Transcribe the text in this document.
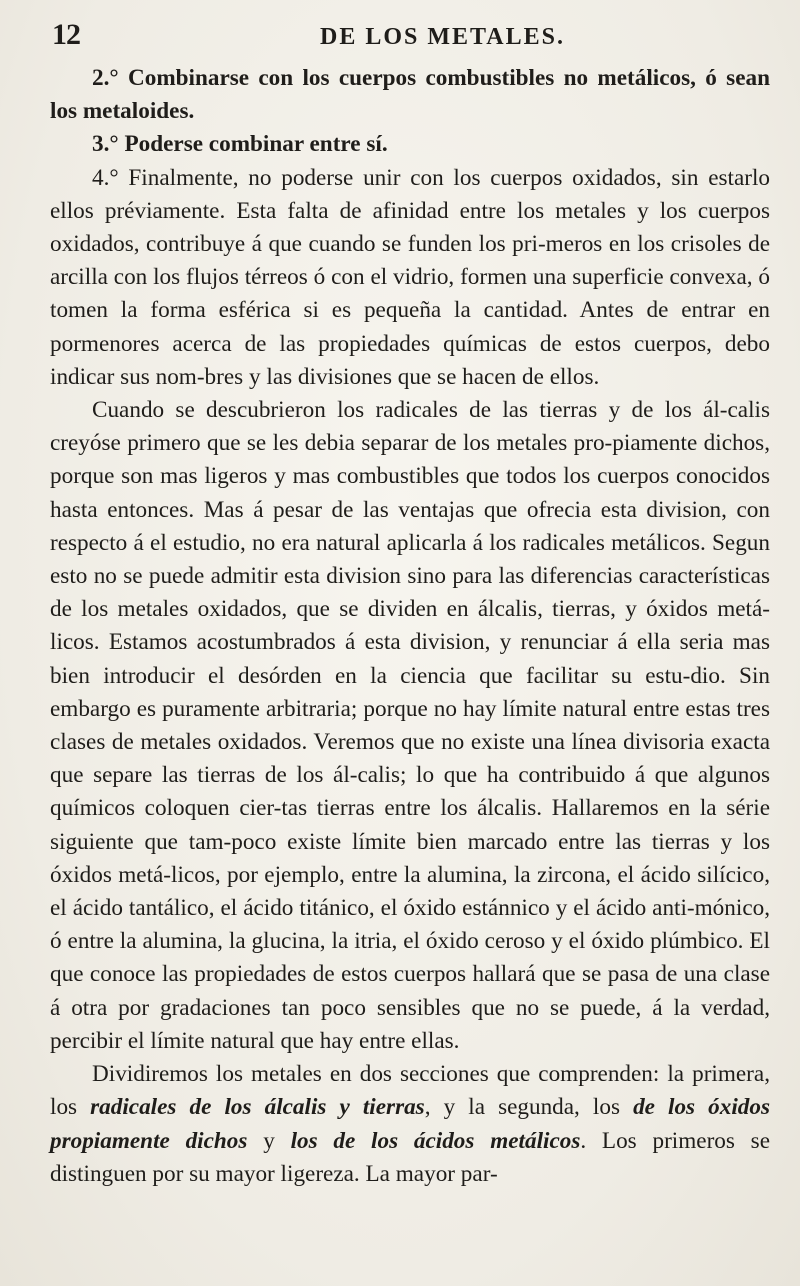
12	DE LOS METALES.

2.° Combinarse con los cuerpos combustibles no metálicos, ó sean los metaloides.

3.° Poderse combinar entre sí.

4.° Finalmente, no poderse unir con los cuerpos oxidados, sin estarlo ellos préviamente. Esta falta de afinidad entre los metales y los cuerpos oxidados, contribuye á que cuando se funden los pri-meros en los crisoles de arcilla con los flujos térreos ó con el vidrio, formen una superficie convexa, ó tomen la forma esférica si es pequeña la cantidad. Antes de entrar en pormenores acerca de las propiedades químicas de estos cuerpos, debo indicar sus nom-bres y las divisiones que se hacen de ellos.

Cuando se descubrieron los radicales de las tierras y de los ál-calis creyóse primero que se les debia separar de los metales pro-piamente dichos, porque son mas ligeros y mas combustibles que todos los cuerpos conocidos hasta entonces. Mas á pesar de las ventajas que ofrecia esta division, con respecto á el estudio, no era natural aplicarla á los radicales metálicos. Segun esto no se puede admitir esta division sino para las diferencias características de los metales oxidados, que se dividen en álcalis, tierras, y óxidos metá-licos. Estamos acostumbrados á esta division, y renunciar á ella seria mas bien introducir el desórden en la ciencia que facilitar su estu-dio. Sin embargo es puramente arbitraria; porque no hay límite natural entre estas tres clases de metales oxidados. Veremos que no existe una línea divisoria exacta que separe las tierras de los ál-calis; lo que ha contribuido á que algunos químicos coloquen cier-tas tierras entre los álcalis. Hallaremos en la série siguiente que tam-poco existe límite bien marcado entre las tierras y los óxidos metá-licos, por ejemplo, entre la alumina, la zircona, el ácido silícico, el ácido tantálico, el ácido titánico, el óxido estánnico y el ácido anti-mónico, ó entre la alumina, la glucina, la itria, el óxido ceroso y el óxido plúmbico. El que conoce las propiedades de estos cuerpos hallará que se pasa de una clase á otra por gradaciones tan poco sensibles que no se puede, á la verdad, percibir el límite natural que hay entre ellas.

Dividiremos los metales en dos secciones que comprenden: la primera, los radicales de los álcalis y tierras, y la segunda, los de los óxidos propiamente dichos y los de los ácidos metálicos. Los primeros se distinguen por su mayor ligereza. La mayor par-
